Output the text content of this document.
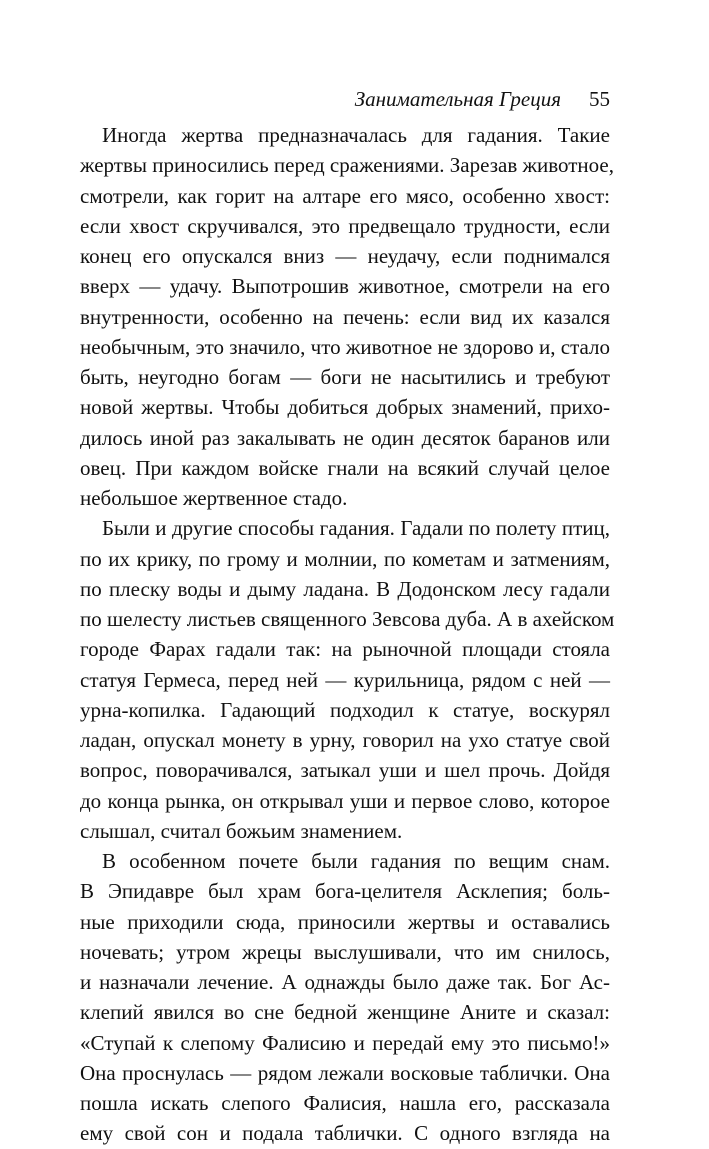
Занимательная Греция 55

Иногда жертва предназначалась для гадания. Такие
жертвы приносились перед сражениями. Зарезав животное,
смотрели, как горит на алтаре его мясо, особенно хвост:
если хвост скручивался, это предвещало трудности, если
конец его опускался вниз — неудачу, если поднимался
вверх — удачу. Выпотрошив животное, смотрели на его
внутренности, особенно на печень: если вид их казался
необычным, это значило, что животное не здорово и, стало
быть, неугодно богам — боги не насытились и требуют
новой жертвы. Чтобы добиться добрых знамений, прихо-
дилось иной раз закалывать не один десяток баранов или
овец. При каждом войске гнали на всякий случай целое
небольшое жертвенное стадо.

Были и другие способы гадания. Гадали по полету птиц,
по их крику, по грому и молнии, по кометам и затмениям,
по плеску воды и дыму ладана. В Додонском лесу гадали
по шелесту листьев священного Зевсова дуба. А в ахейском
городе Фарах гадали так: на рыночной площади стояла
статуя Гермеса, перед ней — курильница, рядом с ней —
урна-копилка. Гадающий подходил к статуе, воскурял
ладан, опускал монету в урну, говорил на ухо статуе свой
вопрос, поворачивался, затыкал уши и шел прочь. Дойдя
до конца рынка, он открывал уши и первое слово, которое
слышал, считал божьим знамением.

В особенном почете были гадания по вещим снам.
В Эпидавре был храм бога-целителя Асклепия; боль-
ные приходили сюда, приносили жертвы и оставались
ночевать; утром жрецы выслушивали, что им снилось,
и назначали лечение. А однажды было даже так. Бог Ас-
клепий явился во сне бедной женщине Аните и сказал:
«Ступай к слепому Фалисию и передай ему это письмо!»
Она проснулась — рядом лежали восковые таблички. Она
пошла искать слепого Фалисия, нашла его, рассказала
ему свой сон и подала таблички. С одного взгляда на
